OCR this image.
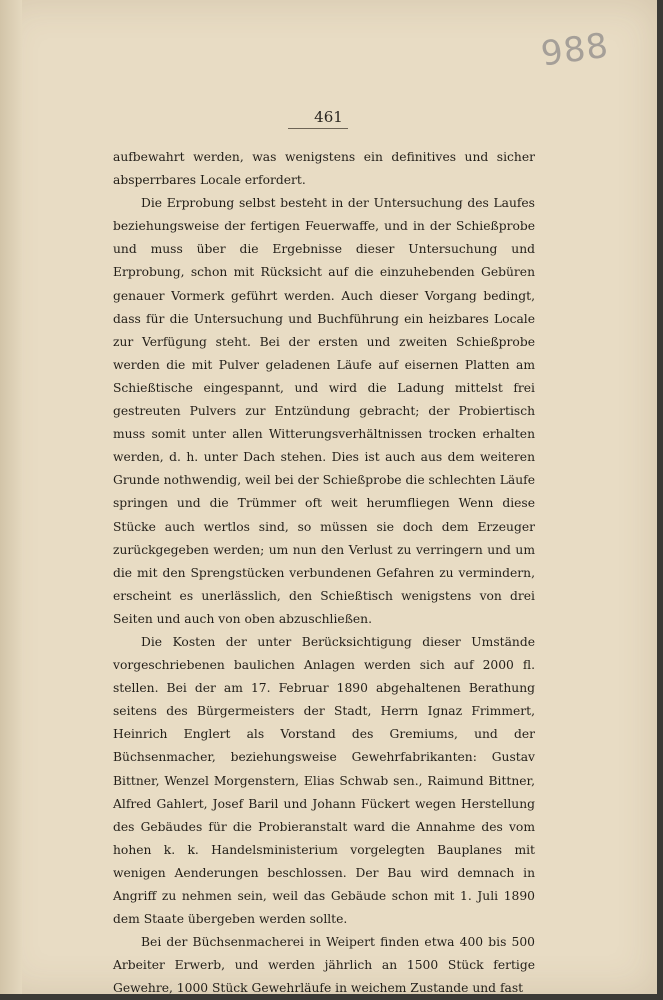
988
461

aufbewahrt werden, was wenigstens ein definitives und sicher absperrbares Locale erfordert.

Die Erprobung selbst besteht in der Untersuchung des Laufes beziehungsweise der fertigen Feuerwaffe, und in der Schießprobe und muss über die Ergebnisse dieser Untersuchung und Erprobung, schon mit Rücksicht auf die einzuhebenden Gebüren genauer Vormerk geführt werden. Auch dieser Vorgang bedingt, dass für die Untersuchung und Buchführung ein heizbares Locale zur Verfügung steht. Bei der ersten und zweiten Schießprobe werden die mit Pulver geladenen Läufe auf eisernen Platten am Schießtische eingespannt, und wird die Ladung mittelst frei gestreuten Pulvers zur Entzündung gebracht; der Probiertisch muss somit unter allen Witterungsverhältnissen trocken erhalten werden, d. h. unter Dach stehen. Dies ist auch aus dem weiteren Grunde nothwendig, weil bei der Schießprobe die schlechten Läufe springen und die Trümmer oft weit herumfliegen Wenn diese Stücke auch wertlos sind, so müssen sie doch dem Erzeuger zurückgegeben werden; um nun den Verlust zu verringern und um die mit den Sprengstücken verbundenen Gefahren zu vermindern, erscheint es unerlässlich, den Schießtisch wenigstens von drei Seiten und auch von oben abzuschließen.

Die Kosten der unter Berücksichtigung dieser Umstände vorgeschriebenen baulichen Anlagen werden sich auf 2000 fl. stellen. Bei der am 17. Februar 1890 abgehaltenen Berathung seitens des Bürgermeisters der Stadt, Herrn Ignaz Frimmert, Heinrich Englert als Vorstand des Gremiums, und der Büchsenmacher, beziehungsweise Gewehrfabrikanten: Gustav Bittner, Wenzel Morgenstern, Elias Schwab sen., Raimund Bittner, Alfred Gahlert, Josef Baril und Johann Fückert wegen Herstellung des Gebäudes für die Probieranstalt ward die Annahme des vom hohen k. k. Handelsministerium vorgelegten Bauplanes mit wenigen Aenderungen beschlossen. Der Bau wird demnach in Angriff zu nehmen sein, weil das Gebäude schon mit 1. Juli 1890 dem Staate übergeben werden sollte.

Bei der Büchsenmacherei in Weipert finden etwa 400 bis 500 Arbeiter Erwerb, und werden jährlich an 1500 Stück fertige Gewehre, 1000 Stück Gewehrläufe in weichem Zustande und fast
